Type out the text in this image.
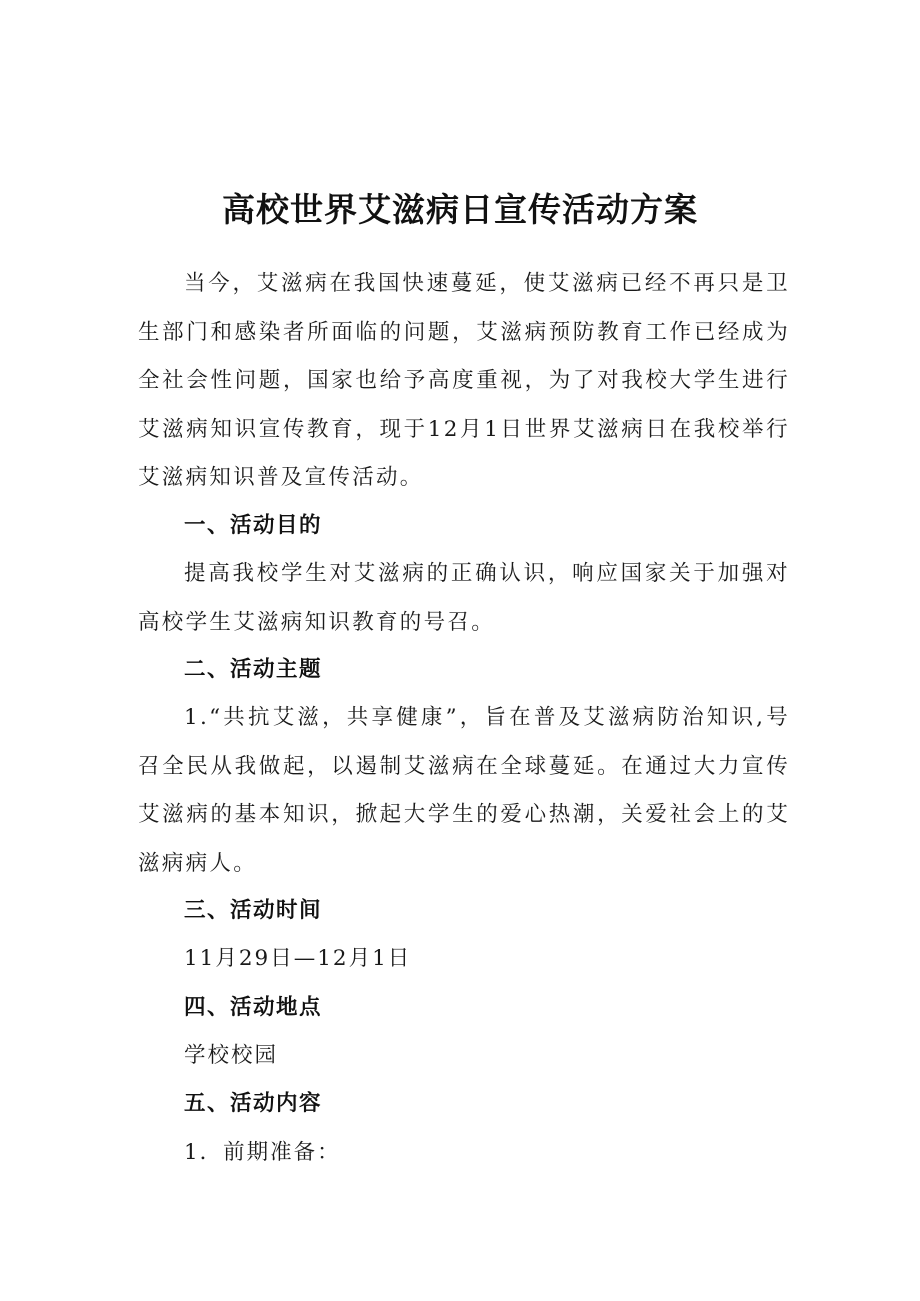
高校世界艾滋病日宣传活动方案

当今，艾滋病在我国快速蔓延，使艾滋病已经不再只是卫生部门和感染者所面临的问题，艾滋病预防教育工作已经成为全社会性问题，国家也给予高度重视，为了对我校大学生进行艾滋病知识宣传教育，现于12月1日世界艾滋病日在我校举行艾滋病知识普及宣传活动。

一、活动目的

提高我校学生对艾滋病的正确认识，响应国家关于加强对高校学生艾滋病知识教育的号召。

二、活动主题

1.“共抗艾滋，共享健康”，旨在普及艾滋病防治知识,号召全民从我做起，以遏制艾滋病在全球蔓延。在通过大力宣传艾滋病的基本知识，掀起大学生的爱心热潮，关爱社会上的艾滋病病人。

三、活动时间

11月29日—12月1日

四、活动地点

学校校园

五、活动内容

1．前期准备：
